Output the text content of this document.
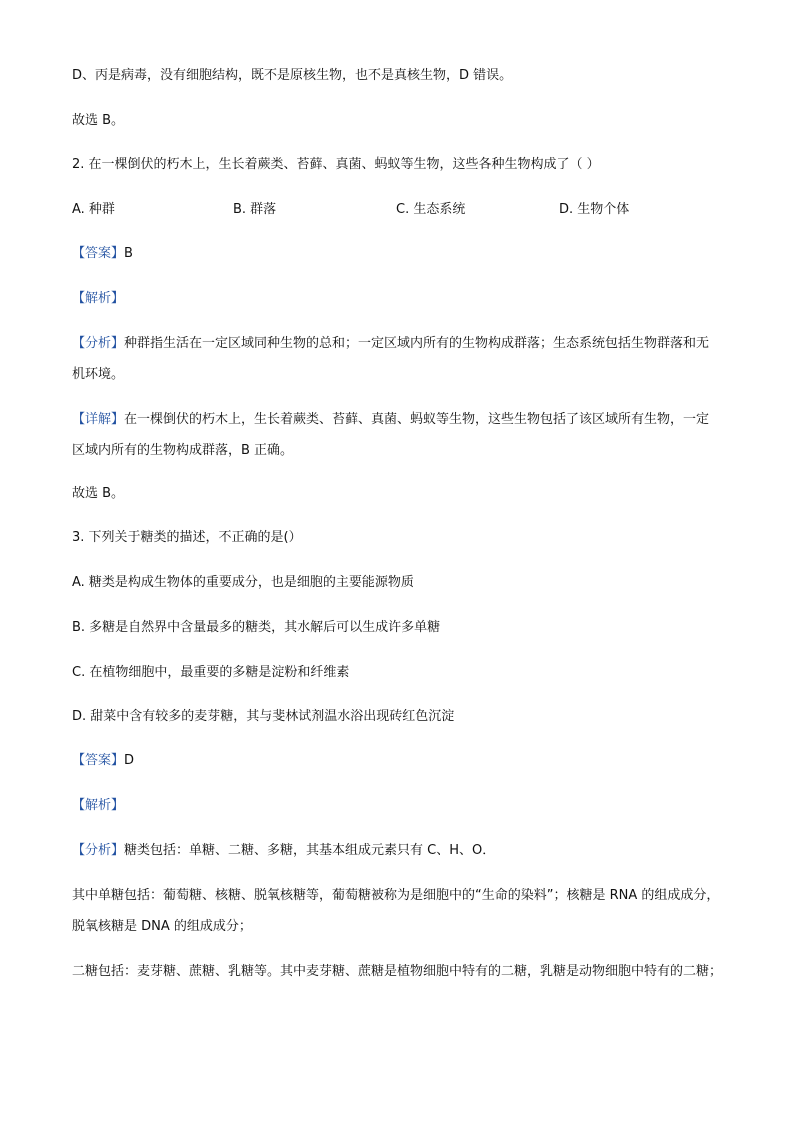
D、丙是病毒，没有细胞结构，既不是原核生物，也不是真核生物，D 错误。
故选 B。
2. 在一棵倒伏的朽木上，生长着蕨类、苔藓、真菌、蚂蚁等生物，这些各种生物构成了（ ）
A. 种群	B. 群落	C. 生态系统	D. 生物个体
【答案】B
【解析】
【分析】种群指生活在一定区域同种生物的总和；一定区域内所有的生物构成群落；生态系统包括生物群落和无机环境。
【详解】在一棵倒伏的朽木上，生长着蕨类、苔藓、真菌、蚂蚁等生物，这些生物包括了该区域所有生物，一定区域内所有的生物构成群落，B 正确。
故选 B。
3. 下列关于糖类的描述，不正确的是(）
A. 糖类是构成生物体的重要成分，也是细胞的主要能源物质
B. 多糖是自然界中含量最多的糖类，其水解后可以生成许多单糖
C. 在植物细胞中，最重要的多糖是淀粉和纤维素
D. 甜菜中含有较多的麦芽糖，其与斐林试剂温水浴出现砖红色沉淀
【答案】D
【解析】
【分析】糖类包括：单糖、二糖、多糖，其基本组成元素只有 C、H、O．
其中单糖包括：葡萄糖、核糖、脱氧核糖等，葡萄糖被称为是细胞中的“生命的染料”；核糖是 RNA 的组成成分，脱氧核糖是 DNA 的组成成分；
二糖包括：麦芽糖、蔗糖、乳糖等。其中麦芽糖、蔗糖是植物细胞中特有的二糖，乳糖是动物细胞中特有的二糖；
